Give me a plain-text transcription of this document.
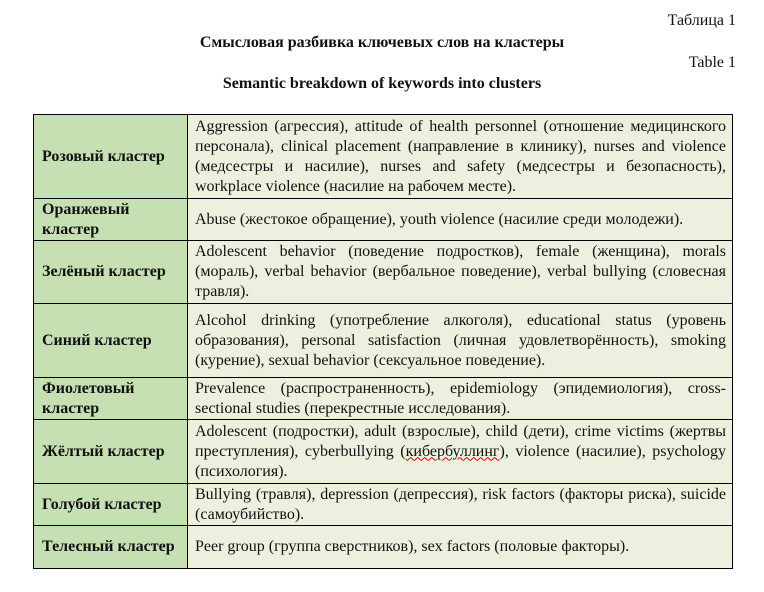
Таблица 1
Смысловая разбивка ключевых слов на кластеры
Table 1
Semantic breakdown of keywords into clusters
Розовый кластер	Aggression (агрессия), attitude of health personnel (отношение медицинского персонала), clinical placement (направление в клинику), nurses and violence (медсестры и насилие), nurses and safety (медсестры и безопасность), workplace violence (насилие на рабочем месте).
Оранжевый кластер	Abuse (жестокое обращение), youth violence (насилие среди молодежи).
Зелёный кластер	Adolescent behavior (поведение подростков), female (женщина), morals (мораль), verbal behavior (вербальное поведение), verbal bullying (словесная травля).
Синий кластер	Alcohol drinking (употребление алкоголя), educational status (уровень образования), personal satisfaction (личная удовлетворённость), smoking (курение), sexual behavior (сексуальное поведение).
Фиолетовый кластер	Prevalence (распространенность), epidemiology (эпидемиология), cross-sectional studies (перекрестные исследования).
Жёлтый кластер	Adolescent (подростки), adult (взрослые), child (дети), crime victims (жертвы преступления), cyberbullying (кибербуллинг), violence (насилие), psychology (психология).
Голубой кластер	Bullying (травля), depression (депрессия), risk factors (факторы риска), suicide (самоубийство).
Телесный кластер	Peer group (группа сверстников), sex factors (половые факторы).
